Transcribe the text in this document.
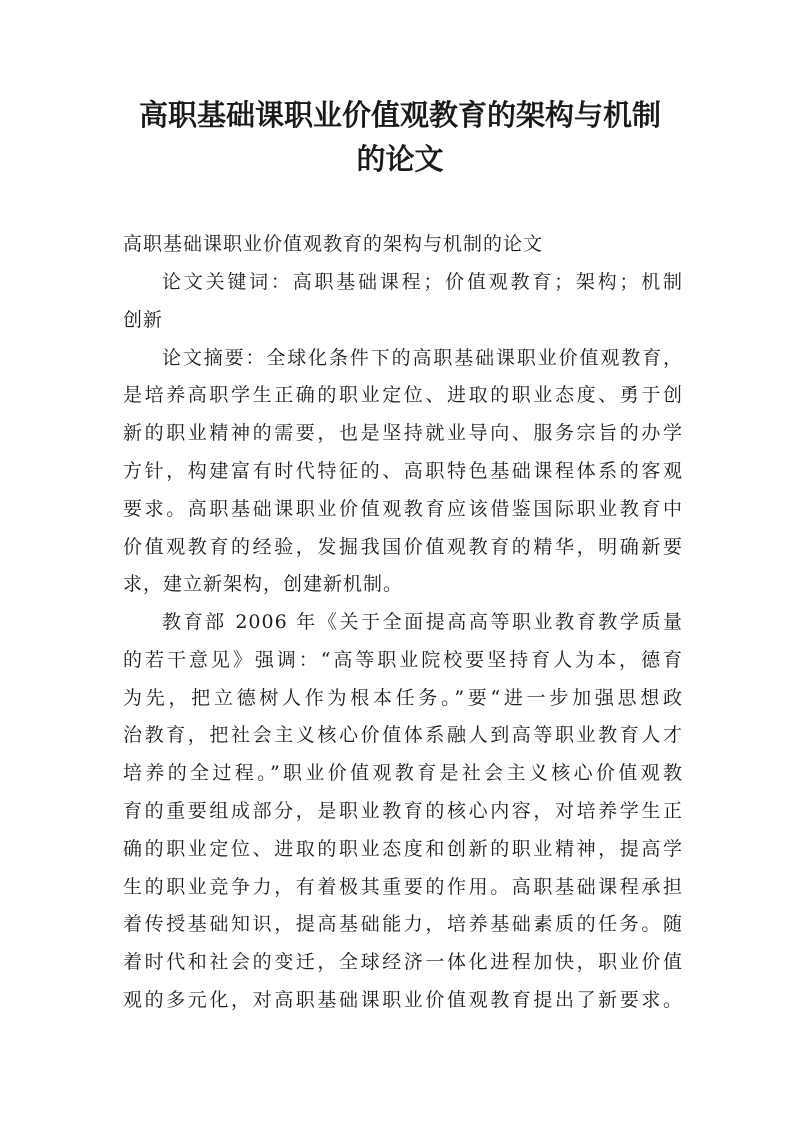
高职基础课职业价值观教育的架构与机制
的论文
高职基础课职业价值观教育的架构与机制的论文
论文关键词：高职基础课程；价值观教育；架构；机制
创新
论文摘要：全球化条件下的高职基础课职业价值观教育，
是培养高职学生正确的职业定位、进取的职业态度、勇于创
新的职业精神的需要，也是坚持就业导向、服务宗旨的办学
方针，构建富有时代特征的、高职特色基础课程体系的客观
要求。高职基础课职业价值观教育应该借鉴国际职业教育中
价值观教育的经验，发掘我国价值观教育的精华，明确新要
求，建立新架构，创建新机制。
教育部 2006 年《关于全面提高高等职业教育教学质量
的若干意见》强调：“高等职业院校要坚持育人为本，德育
为先，把立德树人作为根本任务。”要“进一步加强思想政
治教育，把社会主义核心价值体系融人到高等职业教育人才
培养的全过程。”职业价值观教育是社会主义核心价值观教
育的重要组成部分，是职业教育的核心内容，对培养学生正
确的职业定位、进取的职业态度和创新的职业精神，提高学
生的职业竞争力，有着极其重要的作用。高职基础课程承担
着传授基础知识，提高基础能力，培养基础素质的任务。随
着时代和社会的变迁，全球经济一体化进程加快，职业价值
观的多元化，对高职基础课职业价值观教育提出了新要求。
